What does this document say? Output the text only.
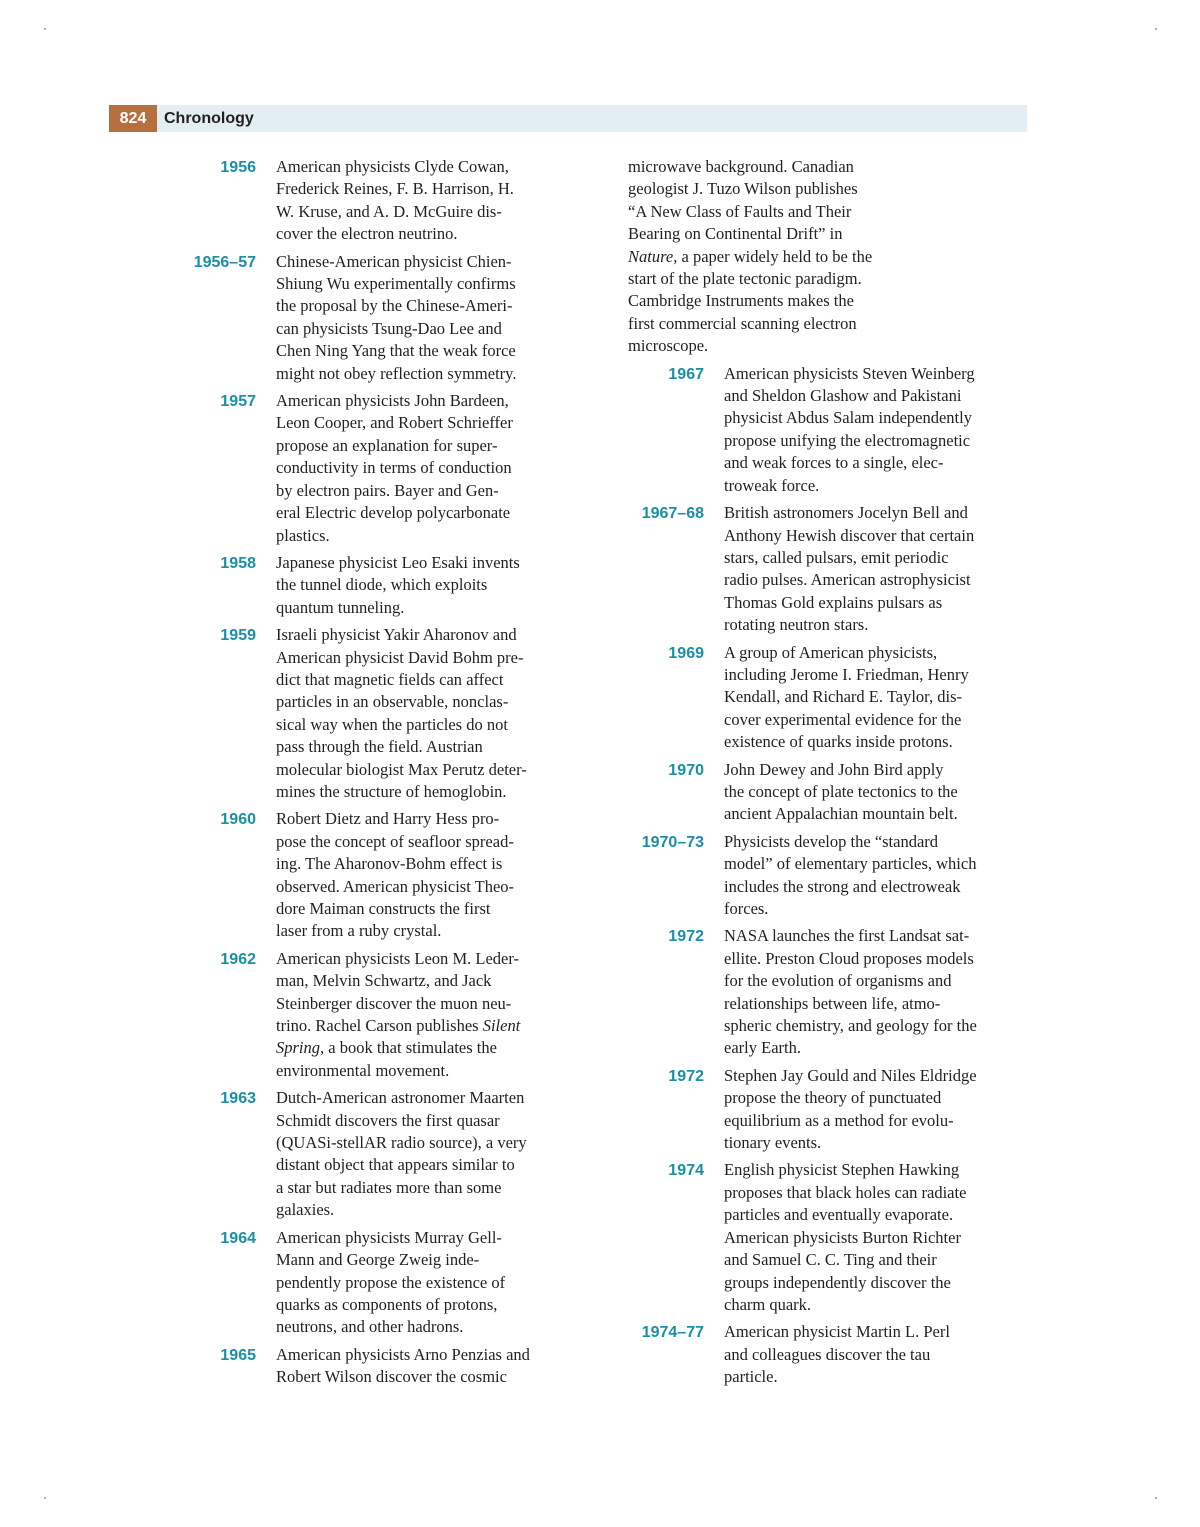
824	Chronology
1956 American physicists Clyde Cowan,
Frederick Reines, F. B. Harrison, H.
W. Kruse, and A. D. McGuire dis-
cover the electron neutrino.
1956–57 Chinese-American physicist Chien-
Shiung Wu experimentally confirms
the proposal by the Chinese-Ameri-
can physicists Tsung-Dao Lee and
Chen Ning Yang that the weak force
might not obey reflection symmetry.
1957 American physicists John Bardeen,
Leon Cooper, and Robert Schrieffer
propose an explanation for super-
conductivity in terms of conduction
by electron pairs. Bayer and Gen-
eral Electric develop polycarbonate
plastics.
1958 Japanese physicist Leo Esaki invents
the tunnel diode, which exploits
quantum tunneling.
1959 Israeli physicist Yakir Aharonov and
American physicist David Bohm pre-
dict that magnetic fields can affect
particles in an observable, nonclas-
sical way when the particles do not
pass through the field. Austrian
molecular biologist Max Perutz deter-
mines the structure of hemoglobin.
1960 Robert Dietz and Harry Hess pro-
pose the concept of seafloor spread-
ing. The Aharonov-Bohm effect is
observed. American physicist Theo-
dore Maiman constructs the first
laser from a ruby crystal.
1962 American physicists Leon M. Leder-
man, Melvin Schwartz, and Jack
Steinberger discover the muon neu-
trino. Rachel Carson publishes Silent
Spring, a book that stimulates the
environmental movement.
1963 Dutch-American astronomer Maarten
Schmidt discovers the first quasar
(QUASi-stellAR radio source), a very
distant object that appears similar to
a star but radiates more than some
galaxies.
1964 American physicists Murray Gell-
Mann and George Zweig inde-
pendently propose the existence of
quarks as components of protons,
neutrons, and other hadrons.
1965 American physicists Arno Penzias and
Robert Wilson discover the cosmic
microwave background. Canadian
geologist J. Tuzo Wilson publishes
“A New Class of Faults and Their
Bearing on Continental Drift” in
Nature, a paper widely held to be the
start of the plate tectonic paradigm.
Cambridge Instruments makes the
first commercial scanning electron
microscope.
1967 American physicists Steven Weinberg
and Sheldon Glashow and Pakistani
physicist Abdus Salam independently
propose unifying the electromagnetic
and weak forces to a single, elec-
troweak force.
1967–68 British astronomers Jocelyn Bell and
Anthony Hewish discover that certain
stars, called pulsars, emit periodic
radio pulses. American astrophysicist
Thomas Gold explains pulsars as
rotating neutron stars.
1969 A group of American physicists,
including Jerome I. Friedman, Henry
Kendall, and Richard E. Taylor, dis-
cover experimental evidence for the
existence of quarks inside protons.
1970 John Dewey and John Bird apply
the concept of plate tectonics to the
ancient Appalachian mountain belt.
1970–73 Physicists develop the “standard
model” of elementary particles, which
includes the strong and electroweak
forces.
1972 NASA launches the first Landsat sat-
ellite. Preston Cloud proposes models
for the evolution of organisms and
relationships between life, atmo-
spheric chemistry, and geology for the
early Earth.
1972 Stephen Jay Gould and Niles Eldridge
propose the theory of punctuated
equilibrium as a method for evolu-
tionary events.
1974 English physicist Stephen Hawking
proposes that black holes can radiate
particles and eventually evaporate.
American physicists Burton Richter
and Samuel C. C. Ting and their
groups independently discover the
charm quark.
1974–77 American physicist Martin L. Perl
and colleagues discover the tau
particle.
